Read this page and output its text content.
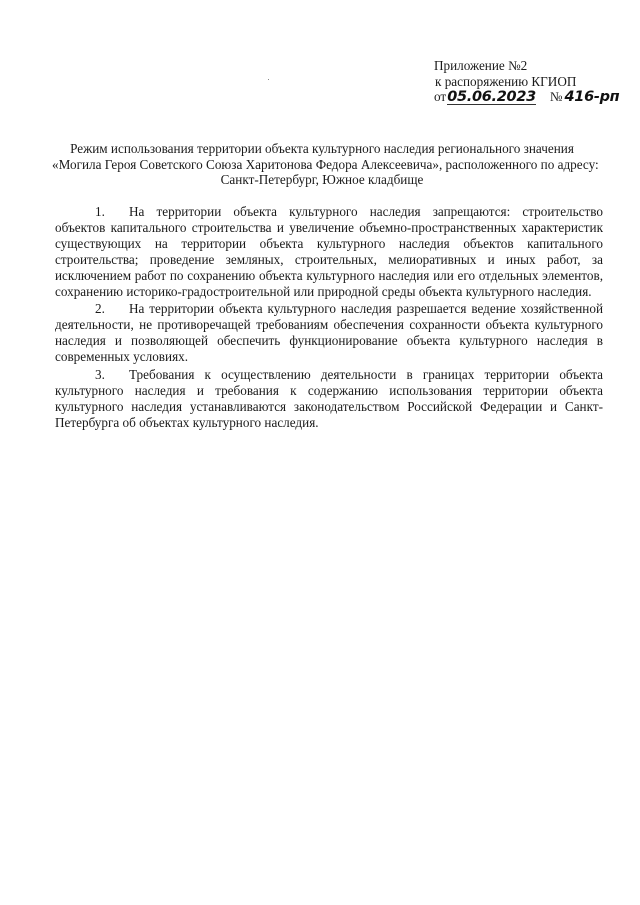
Приложение №2
к распоряжению КГИОП
от 05.06.2023 № 416-рп
Режим использования территории объекта культурного наследия регионального значения
«Могила Героя Советского Союза Харитонова Федора Алексеевича», расположенного по адресу:
Санкт-Петербург, Южное кладбище

1. На территории объекта культурного наследия запрещаются: строительство объектов капитального строительства и увеличение объемно-пространственных характеристик существующих на территории объекта культурного наследия объектов капитального строительства; проведение земляных, строительных, мелиоративных и иных работ, за исключением работ по сохранению объекта культурного наследия или его отдельных элементов, сохранению историко-градостроительной или природной среды объекта культурного наследия.

2. На территории объекта культурного наследия разрешается ведение хозяйственной деятельности, не противоречащей требованиям обеспечения сохранности объекта культурного наследия и позволяющей обеспечить функционирование объекта культурного наследия в современных условиях.

3. Требования к осуществлению деятельности в границах территории объекта культурного наследия и требования к содержанию использования территории объекта культурного наследия устанавливаются законодательством Российской Федерации и Санкт-Петербурга об объектах культурного наследия.
